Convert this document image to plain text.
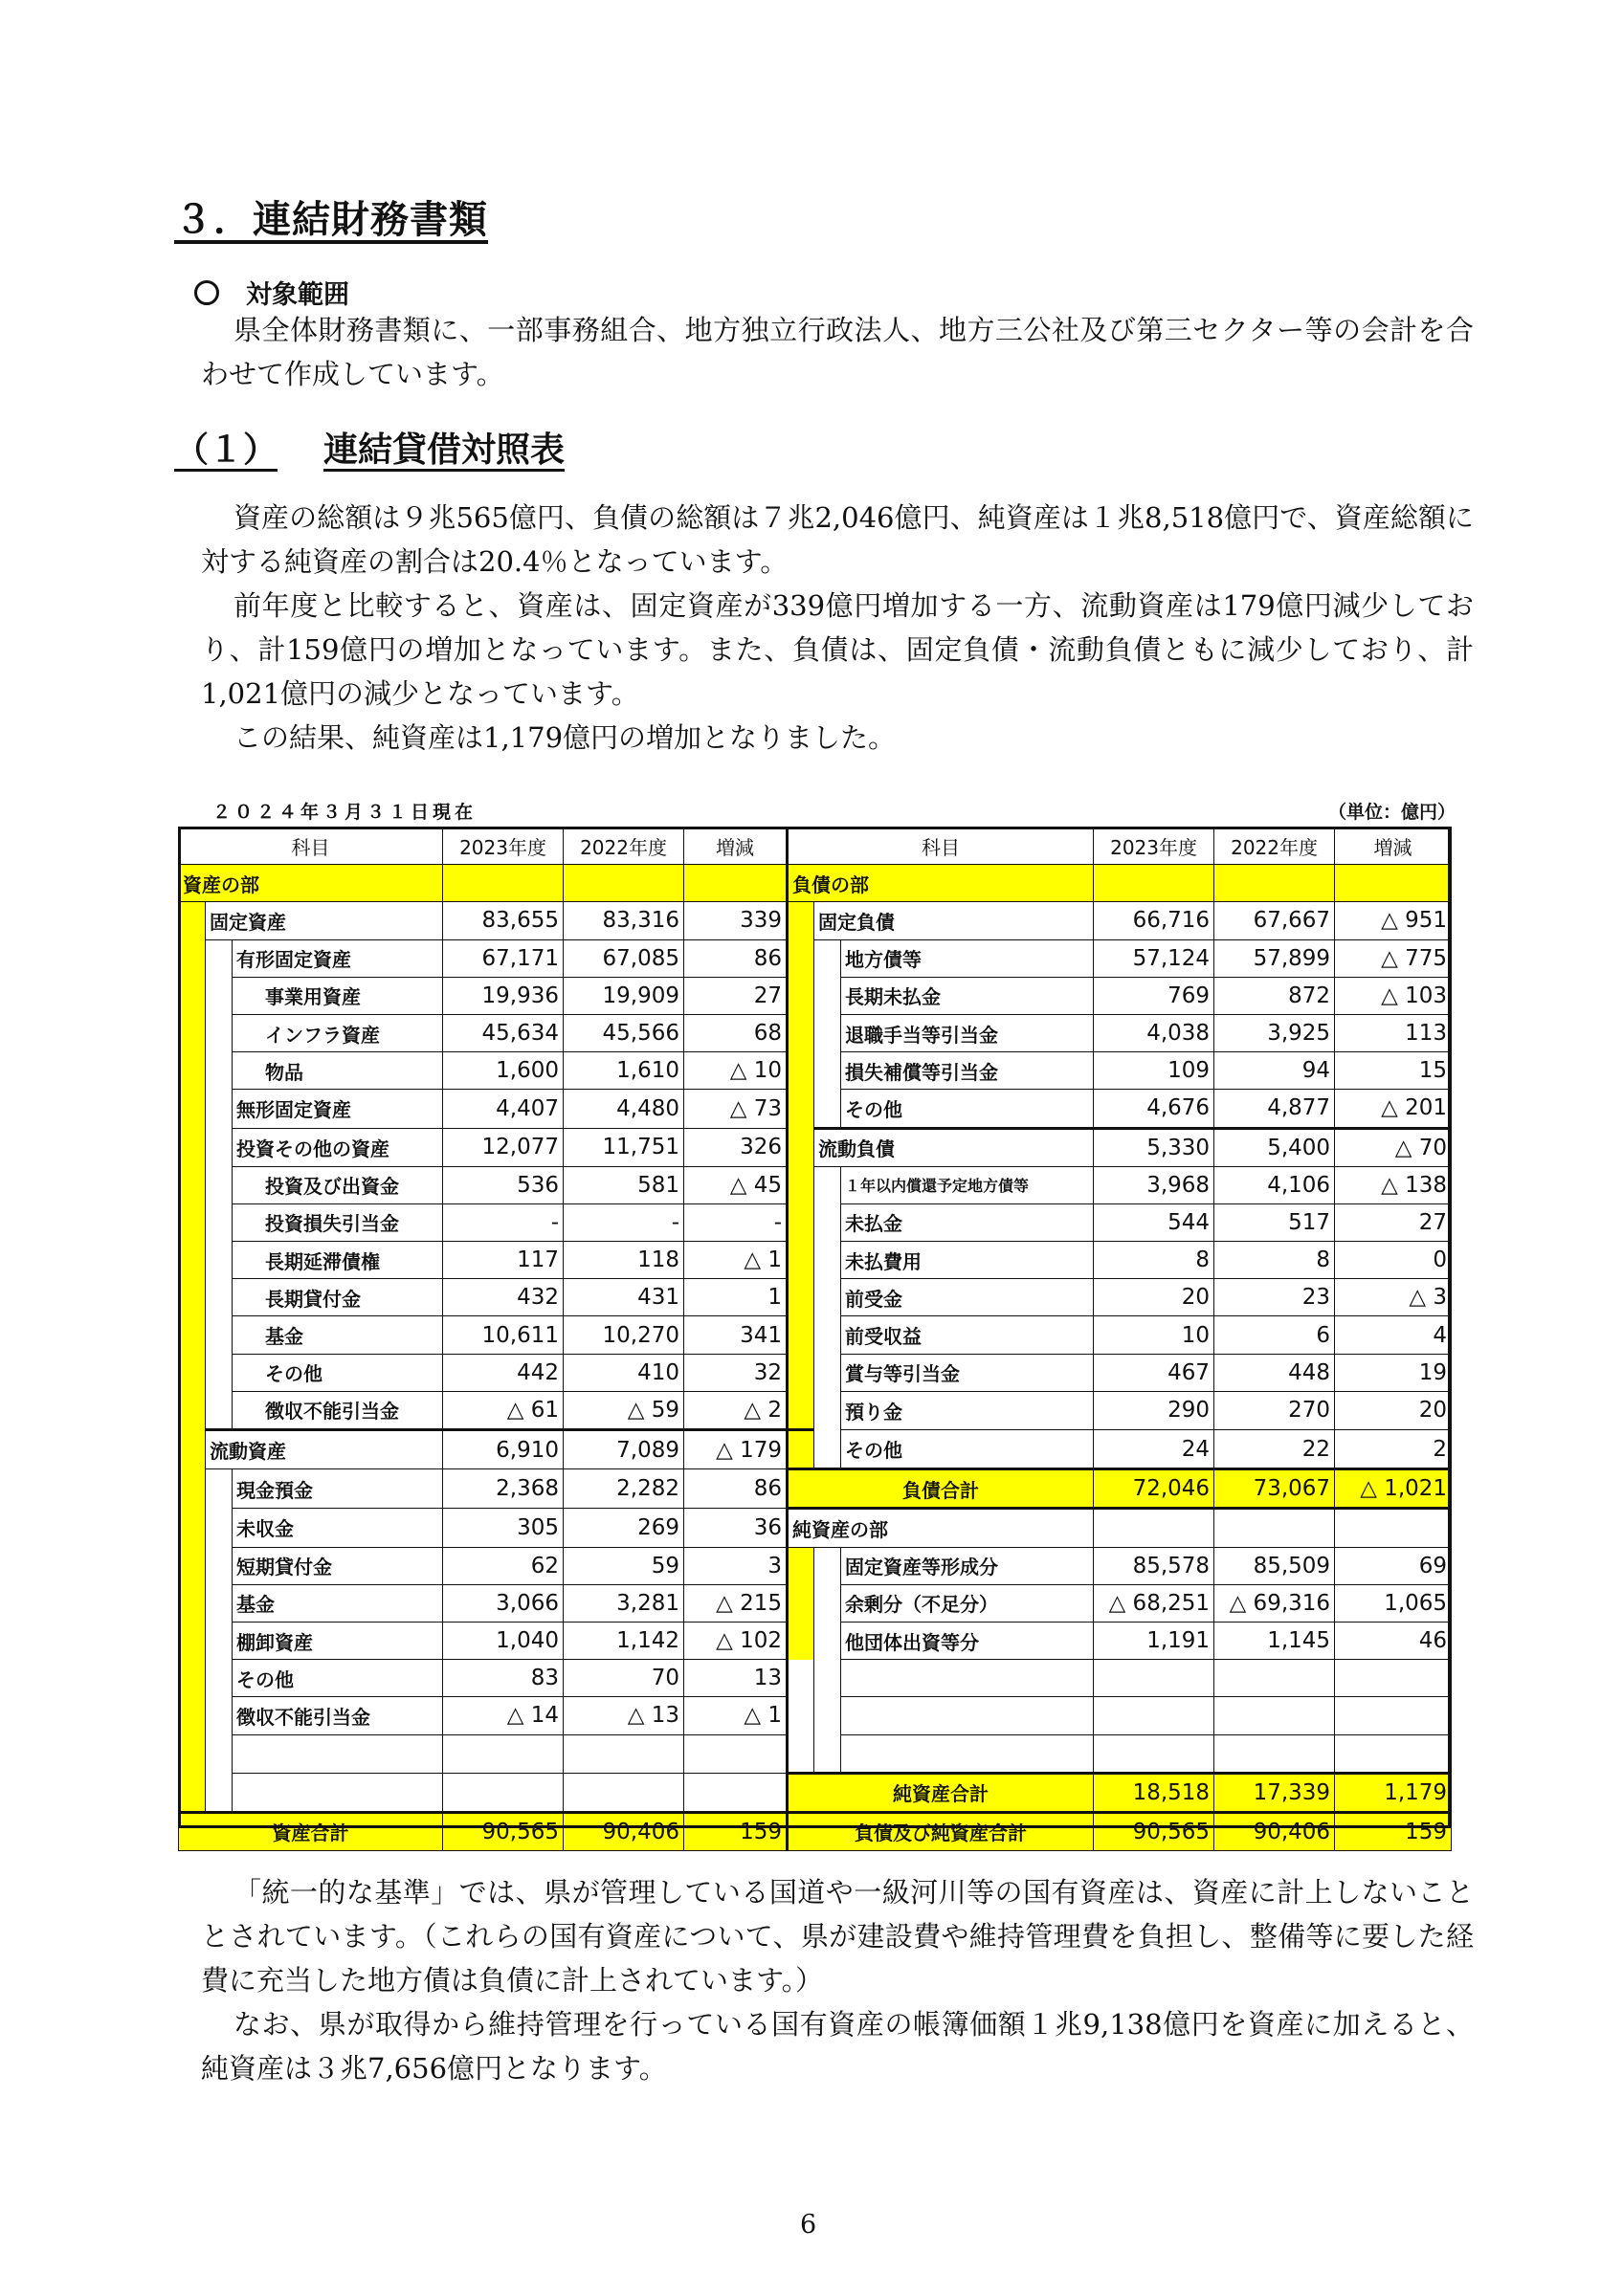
３．連結財務書類
対象範囲

県全体財務書類に、一部事務組合、地方独立行政法人、地方三公社及び第三セクター等の会計を合わせて作成しています。

（１） 連結貸借対照表

資産の総額は９兆565億円、負債の総額は７兆2,046億円、純資産は１兆8,518億円で、資産総額に対する純資産の割合は20.4％となっています。

前年度と比較すると、資産は、固定資産が339億円増加する一方、流動資産は179億円減少しており、計159億円の増加となっています。また、負債は、固定負債・流動負債ともに減少しており、計1,021億円の減少となっています。

この結果、純資産は1,179億円の増加となりました。

２０２４年３月３１日現在	（単位：億円）
科目			2023年度	2022年度	増減	科目			2023年度	2022年度	増減
資産の部						負債の部					
	固定資産		83,655	83,316	339		固定負債		66,716	67,667	△ 951
		有形固定資産	67,171	67,085	86			地方債等	57,124	57,899	△ 775
		事業用資産	19,936	19,909	27			長期未払金	769	872	△ 103
		インフラ資産	45,634	45,566	68			退職手当等引当金	4,038	3,925	113
		物品	1,600	1,610	△ 10			損失補償等引当金	109	94	15
		無形固定資産	4,407	4,480	△ 73			その他	4,676	4,877	△ 201
		投資その他の資産	12,077	11,751	326		流動負債		5,330	5,400	△ 70
		投資及び出資金	536	581	△ 45			１年以内償還予定地方債等	3,968	4,106	△ 138
		投資損失引当金	-	-	-			未払金	544	517	27
		長期延滞債権	117	118	△ 1			未払費用	8	8	0
		長期貸付金	432	431	1			前受金	20	23	△ 3
		基金	10,611	10,270	341			前受収益	10	6	4
		その他	442	410	32			賞与等引当金	467	448	19
		徴収不能引当金	△ 61	△ 59	△ 2			預り金	290	270	20
	流動資産		6,910	7,089	△ 179			その他	24	22	2
		現金預金	2,368	2,282	86	負債合計			72,046	73,067	△ 1,021
		未収金	305	269	36	純資産の部					
		短期貸付金	62	59	3			固定資産等形成分	85,578	85,509	69
		基金	3,066	3,281	△ 215			余剰分（不足分）	△ 68,251	△ 69,316	1,065
		棚卸資産	1,040	1,142	△ 102			他団体出資等分	1,191	1,145	46
		その他	83	70	13						
		徴収不能引当金	△ 14	△ 13	△ 1						

						純資産合計			18,518	17,339	1,179
資産合計			90,565	90,406	159	負債及び純資産合計			90,565	90,406	159

「統一的な基準」では、県が管理している国道や一級河川等の国有資産は、資産に計上しないこととされています。（これらの国有資産について、県が建設費や維持管理費を負担し、整備等に要した経費に充当した地方債は負債に計上されています。）

なお、県が取得から維持管理を行っている国有資産の帳簿価額１兆9,138億円を資産に加えると、純資産は３兆7,656億円となります。

6
